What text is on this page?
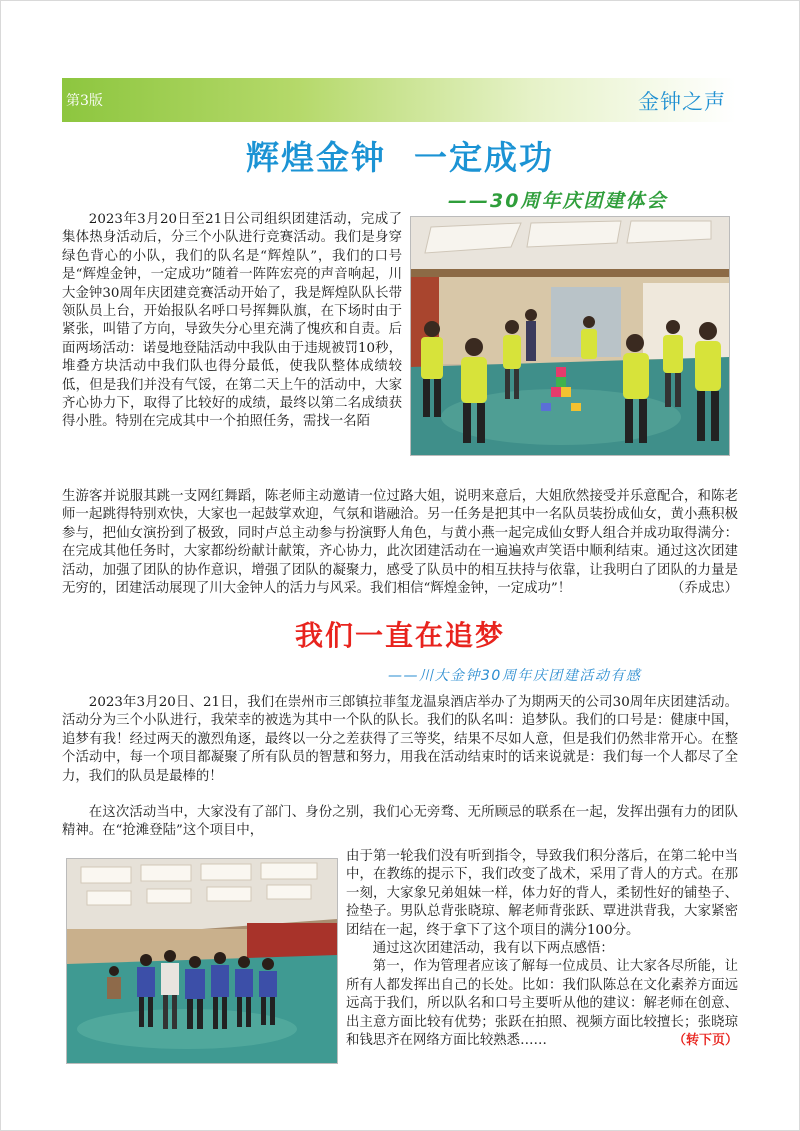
第3版	金钟之声
辉煌金钟 一定成功
——30周年庆团建体会

2023年3月20日至21日公司组织团建活动，完成了集体热身活动后，分三个小队进行竞赛活动。我们是身穿绿色背心的小队，我们的队名是“辉煌队”，我们的口号是“辉煌金钟，一定成功”随着一阵阵宏亮的声音响起，川大金钟30周年庆团建竞赛活动开始了，我是辉煌队队长带领队员上台，开始报队名呼口号挥舞队旗，在下场时由于紧张，叫错了方向，导致失分心里充满了愧疚和自责。后面两场活动：诺曼地登陆活动中我队由于违规被罚10秒，堆叠方块活动中我们队也得分最低，使我队整体成绩较低，但是我们并没有气馁，在第二天上午的活动中，大家齐心协力下，取得了比较好的成绩，最终以第二名成绩获得小胜。特别在完成其中一个拍照任务，需找一名陌

生游客并说服其跳一支网红舞蹈，陈老师主动邀请一位过路大姐，说明来意后，大姐欣然接受并乐意配合，和陈老师一起跳得特别欢快，大家也一起鼓掌欢迎，气氛和谐融洽。另一任务是把其中一名队员装扮成仙女，黄小燕积极参与，把仙女演扮到了极致，同时卢总主动参与扮演野人角色，与黄小燕一起完成仙女野人组合并成功取得满分：在完成其他任务时，大家都纷纷献计献策，齐心协力，此次团建活动在一遍遍欢声笑语中顺利结束。通过这次团建活动，加强了团队的协作意识，增强了团队的凝聚力，感受了队员中的相互扶持与依靠，让我明白了团队的力量是无穷的，团建活动展现了川大金钟人的活力与风采。我们相信“辉煌金钟，一定成功”！	（乔成忠）

我们一直在追梦
——川大金钟30周年庆团建活动有感

2023年3月20日、21日，我们在崇州市三郎镇拉菲玺龙温泉酒店举办了为期两天的公司30周年庆团建活动。活动分为三个小队进行，我荣幸的被选为其中一个队的队长。我们的队名叫：追梦队。我们的口号是：健康中国，追梦有我！经过两天的激烈角逐，最终以一分之差获得了三等奖，结果不尽如人意，但是我们仍然非常开心。在整个活动中，每一个项目都凝聚了所有队员的智慧和努力，用我在活动结束时的话来说就是：我们每一个人都尽了全力，我们的队员是最棒的！

在这次活动当中，大家没有了部门、身份之别，我们心无旁骛、无所顾忌的联系在一起，发挥出强有力的团队精神。在“抢滩登陆”这个项目中，

由于第一轮我们没有听到指令，导致我们积分落后，在第二轮中当中，在教练的提示下，我们改变了战术，采用了背人的方式。在那一刻，大家象兄弟姐妹一样，体力好的背人，柔韧性好的铺垫子、捡垫子。男队总背张晓琼、解老师背张跃、覃进洪背我，大家紧密团结在一起，终于拿下了这个项目的满分100分。
通过这次团建活动，我有以下两点感悟：
第一，作为管理者应该了解每一位成员、让大家各尽所能，让所有人都发挥出自己的长处。比如：我们队陈总在文化素养方面远远高于我们，所以队名和口号主要听从他的建议：解老师在创意、出主意方面比较有优势；张跃在拍照、视频方面比较擅长；张晓琼和钱思齐在网络方面比较熟悉……	（转下页）
